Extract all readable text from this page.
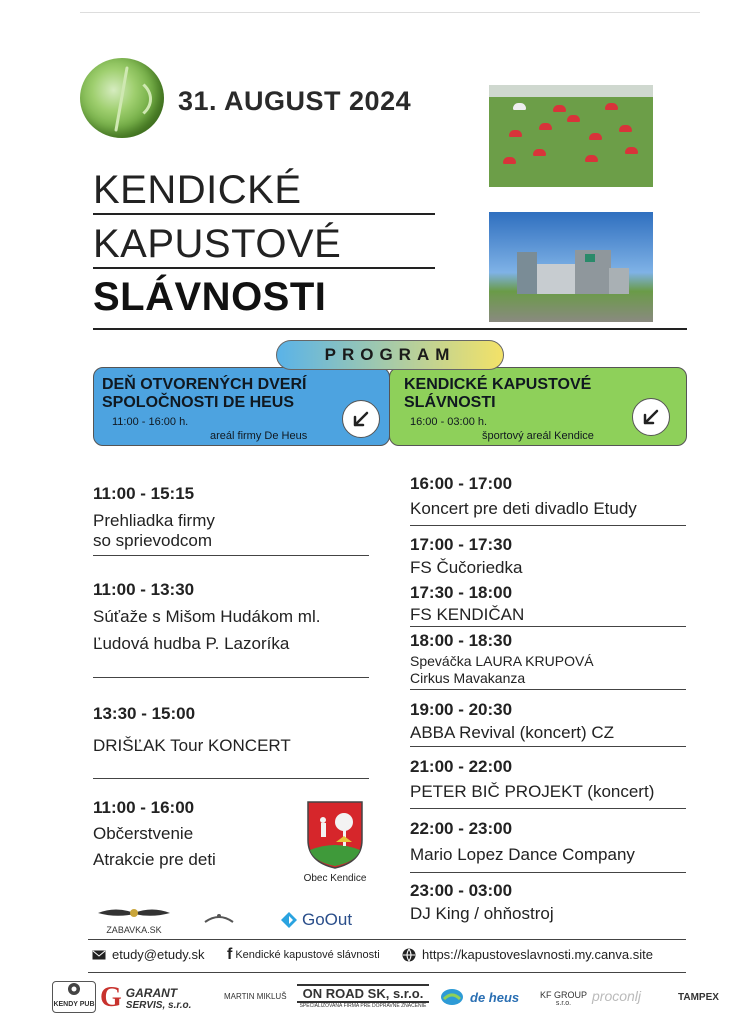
31. AUGUST 2024
KENDICKÉ
KAPUSTOVÉ
SLÁVNOSTI
PROGRAM
DEŇ OTVORENÝCH DVERÍ SPOLOČNOSTI DE HEUS
11:00 - 16:00 h.
areál firmy De Heus
KENDICKÉ KAPUSTOVÉ SLÁVNOSTI
16:00 - 03:00 h.
športový areál Kendice
11:00 - 15:15
Prehliadka firmy
so sprievodcom
11:00 - 13:30
Súťaže s Mišom Hudákom ml.
Ľudová hudba P. Lazoríka
13:30 - 15:00
DRIŠĽAK Tour KONCERT
11:00 - 16:00
Občerstvenie
Atrakcie pre deti
Obec Kendice
16:00 - 17:00
Koncert pre deti divadlo Etudy
17:00 - 17:30
FS Čučoriedka
17:30 - 18:00
FS KENDIČAN
18:00 - 18:30
Speváčka LAURA KRUPOVÁ
Cirkus Mavakanza
19:00 - 20:30
ABBA Revival (koncert) CZ
21:00 - 22:00
PETER BIČ PROJEKT (koncert)
22:00 - 23:00
Mario Lopez Dance Company
23:00 - 03:00
DJ King / ohňostroj
ZABAVKA.SK
GoOut
etudy@etudy.sk f Kendické kapustové slávnosti	https://kapustoveslavnosti.my.canva.site
KENDY PUB G GARANT
SERVIS, s.r.o.
MARTIN MIKLUŠ	ON ROAD SK, s.r.o.
ŠPECIALIZOVANÁ FIRMA PRE DOPRAVNÉ ZNAČENIE
de heus KF GROUP
s.r.o.	proconlj	TAMPEX
